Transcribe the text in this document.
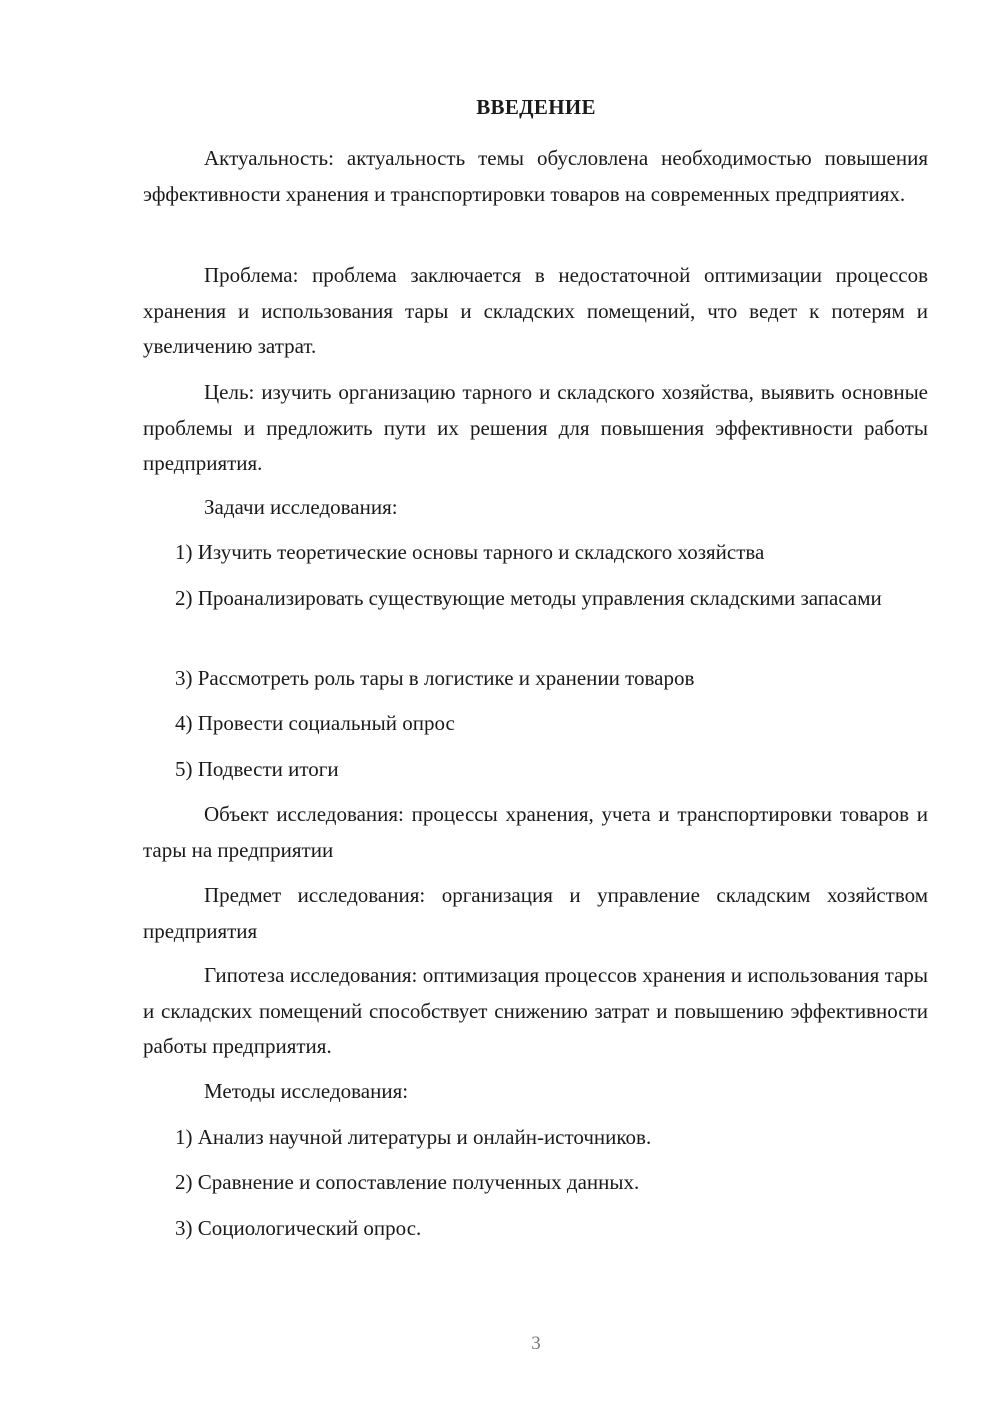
ВВЕДЕНИЕ
Актуальность: актуальность темы обусловлена необходимостью повышения эффективности хранения и транспортировки товаров на современных предприятиях.
Проблема: проблема заключается в недостаточной оптимизации процессов хранения и использования тары и складских помещений, что ведет к потерям и увеличению затрат.
Цель: изучить организацию тарного и складского хозяйства, выявить основные проблемы и предложить пути их решения для повышения эффективности работы предприятия.
Задачи исследования:
1) Изучить теоретические основы тарного и складского хозяйства
2) Проанализировать существующие методы управления складскими запасами
3) Рассмотреть роль тары в логистике и хранении товаров
4) Провести социальный опрос
5) Подвести итоги
Объект исследования: процессы хранения, учета и транспортировки товаров и тары на предприятии
Предмет исследования: организация и управление складским хозяйством предприятия
Гипотеза исследования: оптимизация процессов хранения и использования тары и складских помещений способствует снижению затрат и повышению эффективности работы предприятия.
Методы исследования:
1) Анализ научной литературы и онлайн-источников.
2) Сравнение и сопоставление полученных данных.
3) Социологический опрос.
3
